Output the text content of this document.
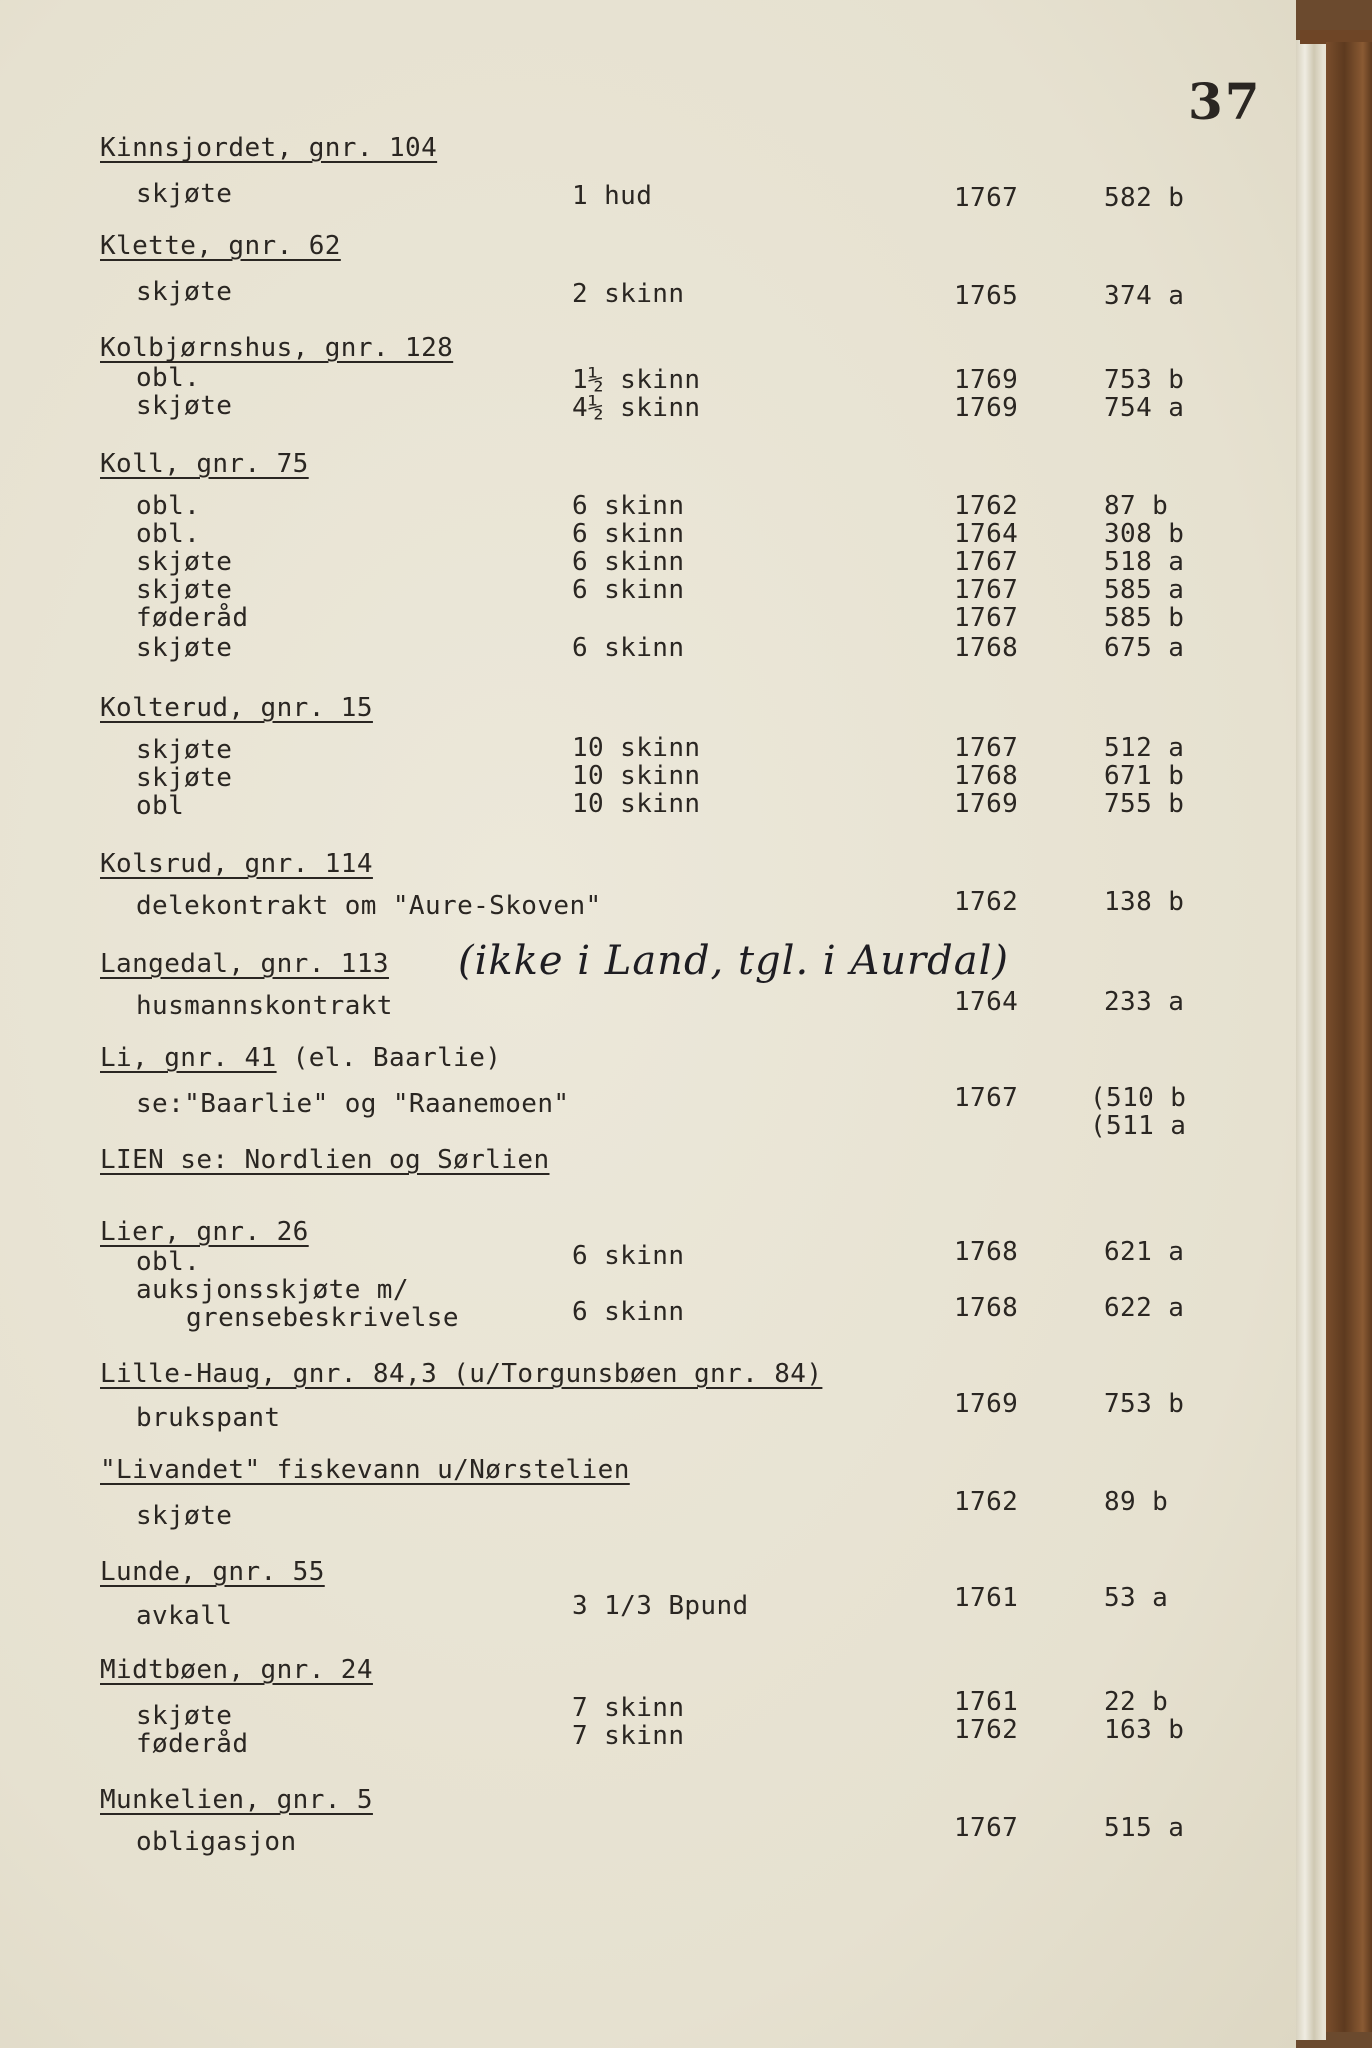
37
Kinnsjordet, gnr. 104
skjøte	1 hud	1767	582 b
Klette, gnr. 62
skjøte	2 skinn	1765	374 a
Kolbjørnshus, gnr. 128
obl.	1½ skinn	1769	753 b
skjøte	4½ skinn	1769	754 a
Koll, gnr. 75
obl.	6 skinn	1762	87 b
obl.	6 skinn	1764	308 b
skjøte	6 skinn	1767	518 a
skjøte	6 skinn	1767	585 a
føderåd	1767	585 b
skjøte	6 skinn	1768	675 a
Kolterud, gnr. 15
skjøte	10 skinn	1767	512 a
skjøte	10 skinn	1768	671 b
obl	10 skinn	1769	755 b
Kolsrud, gnr. 114
delekontrakt om "Aure-Skoven"	1762	138 b
Langedal, gnr. 113 (ikke i Land, tgl. i Aurdal)
husmannskontrakt	1764	233 a
Li, gnr. 41 (el. Baarlie)
se:"Baarlie" og "Raanemoen"	1767	(510 b
(511 a
LIEN se: Nordlien og Sørlien
Lier, gnr. 26
obl.	6 skinn	1768	621 a
auksjonsskjøte m/
grensebeskrivelse	6 skinn	1768	622 a
Lille-Haug, gnr. 84,3 (u/Torgunsbøen gnr. 84)
brukspant	1769	753 b
"Livandet" fiskevann u/Nørstelien
skjøte	1762	89 b
Lunde, gnr. 55
avkall	3 1/3 Bpund	1761	53 a
Midtbøen, gnr. 24
skjøte	7 skinn	1761	22 b
føderåd	7 skinn	1762	163 b
Munkelien, gnr. 5
obligasjon	1767	515 a
